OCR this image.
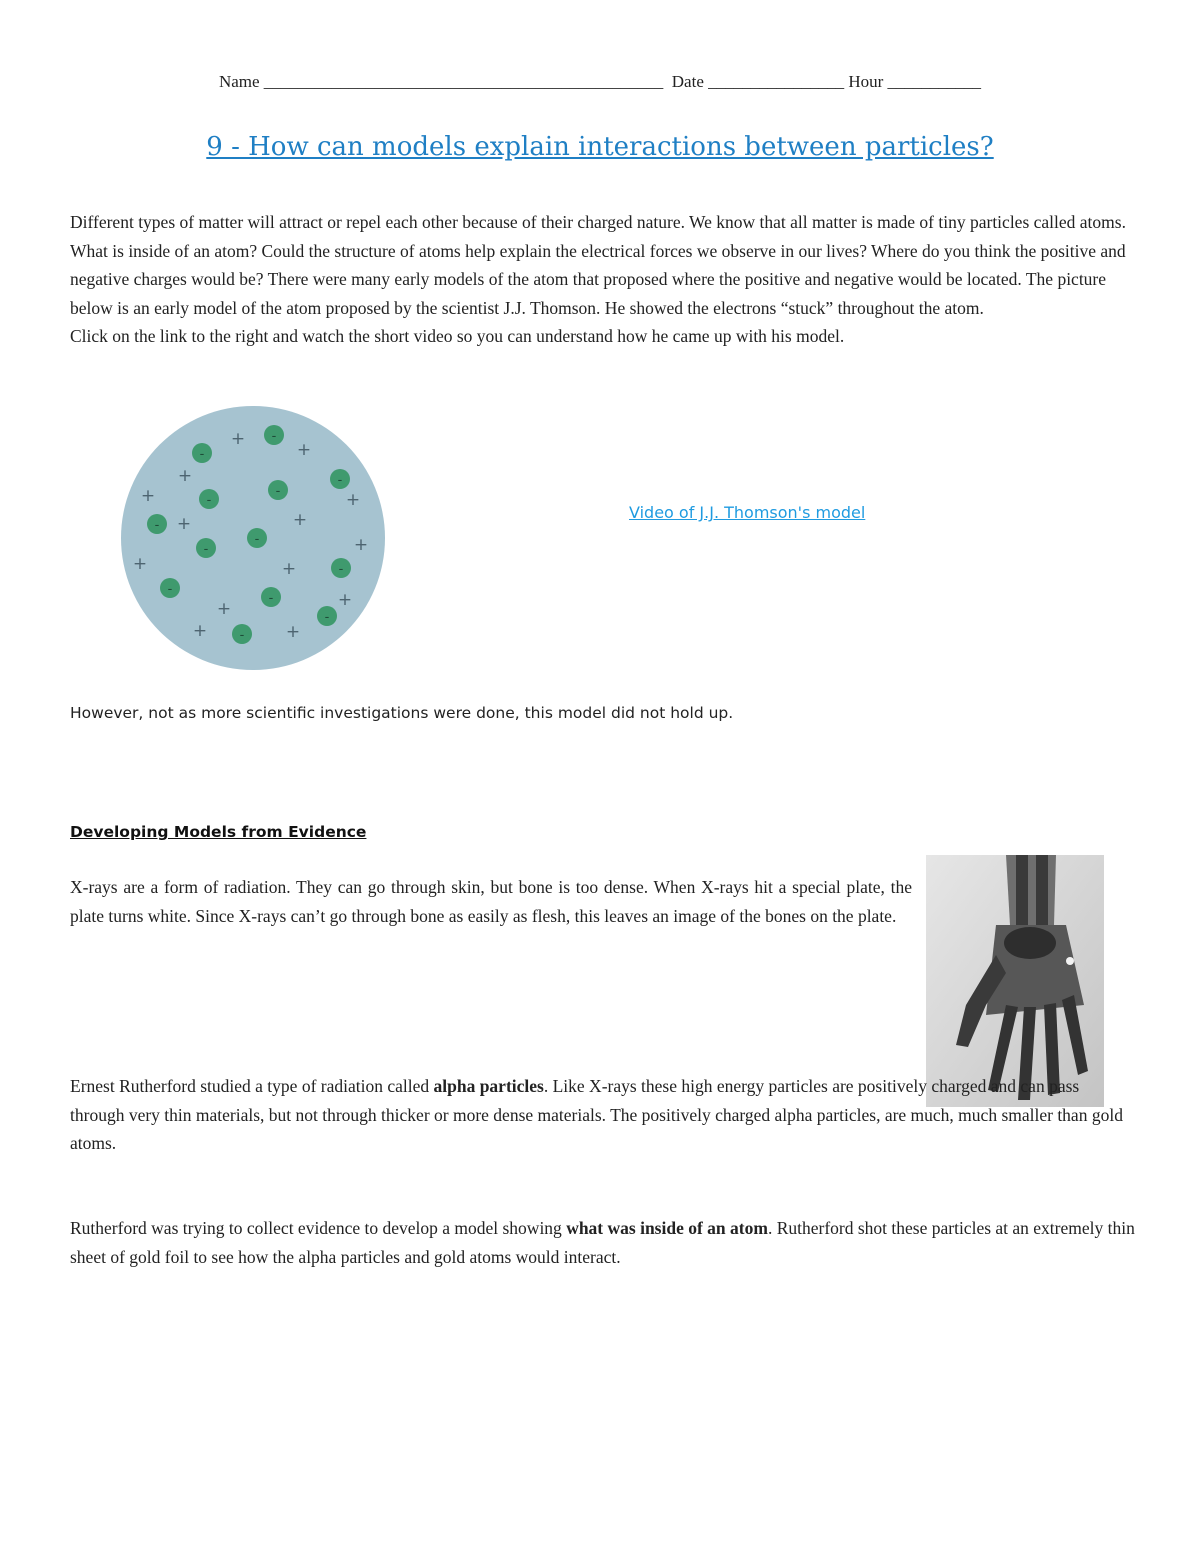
Name _______________________________________________  Date ________________ Hour ___________
9 - How can models explain interactions between particles?

Different types of matter will attract or repel each other because of their charged nature. We know that all matter is made of tiny particles called atoms. What is inside of an atom? Could the structure of atoms help explain the electrical forces we observe in our lives? Where do you think the positive and negative charges would be? There were many early models of the atom that proposed where the positive and negative would be located. The picture below is an early model of the atom proposed by the scientist J.J. Thomson. He showed the electrons “stuck” throughout the atom.

Click on the link to the right and watch the short video so you can understand how he came up with his model.

-
-
-
-
-
-
-
-
-
-
-
-
-
+
+
+
+	+
+	+
+
+	+
+	+
+	+
Video of J.J. Thomson's model
However, not as more scientific investigations were done, this model did not hold up.
Developing Models from Evidence
X-rays are a form of radiation. They can go through skin, but bone is too dense. When X-rays hit a special plate, the plate turns white. Since X-rays can’t go through bone as easily as flesh, this leaves an image of the bones on the plate.
Ernest Rutherford studied a type of radiation called alpha particles. Like X-rays these high energy particles are positively charged and can pass through very thin materials, but not through thicker or more dense materials. The positively charged alpha particles, are much, much smaller than gold atoms.
Rutherford was trying to collect evidence to develop a model showing what was inside of an atom. Rutherford shot these particles at an extremely thin sheet of gold foil to see how the alpha particles and gold atoms would interact.
